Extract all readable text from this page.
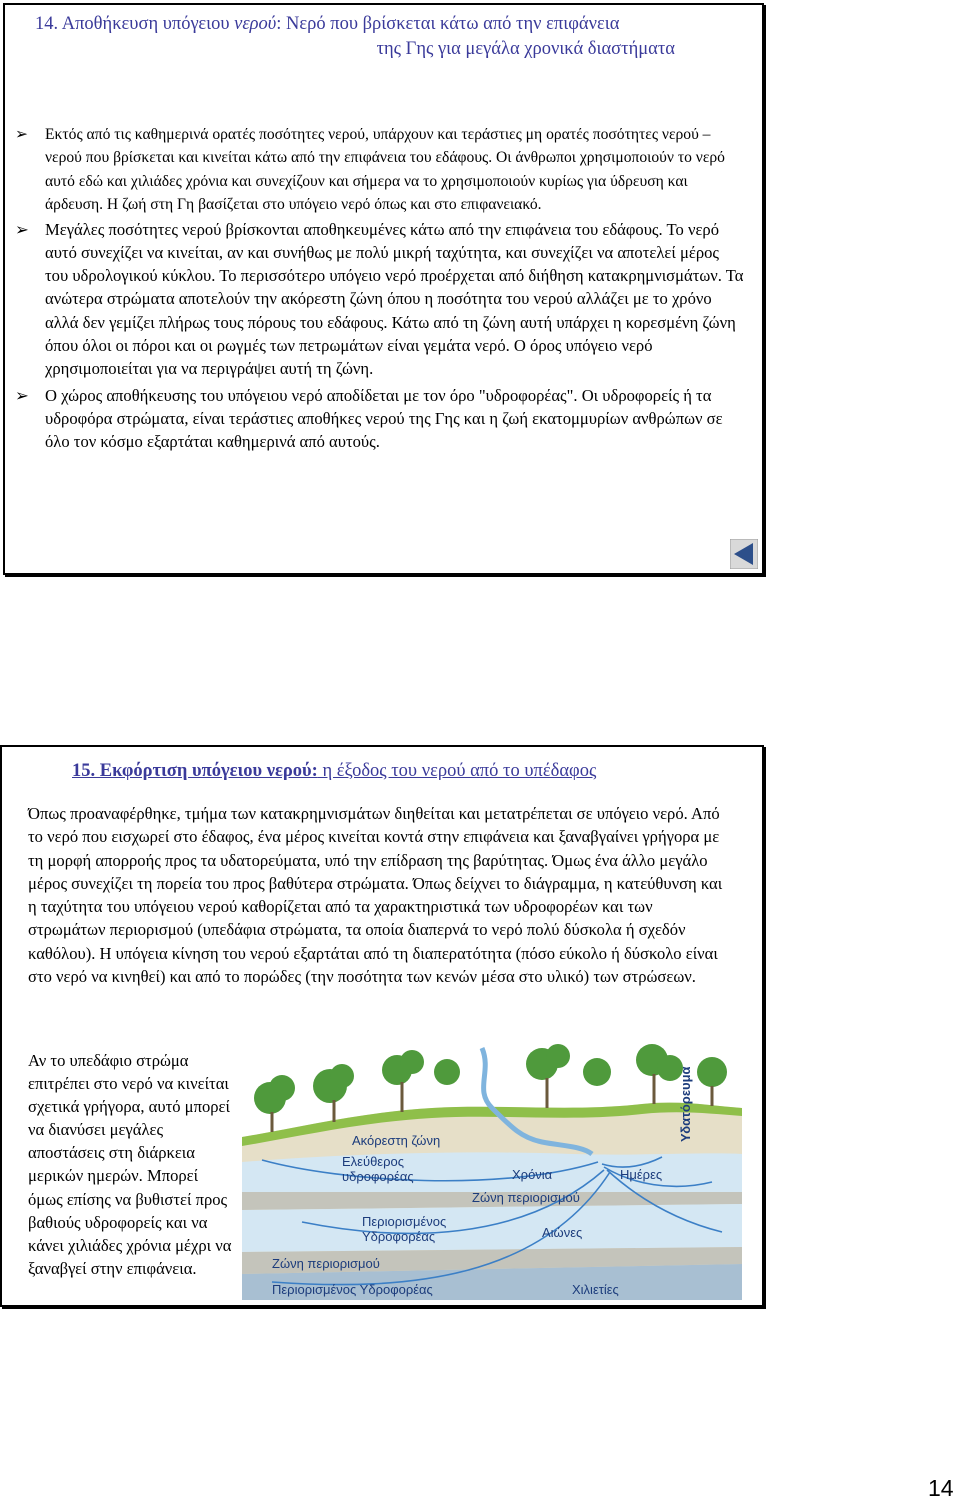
14. Αποθήκευση υπόγειου νερού: Νερό που βρίσκεται κάτω από την επιφάνεια
της Γης για μεγάλα χρονικά διαστήματα
➢ Εκτός από τις καθημερινά ορατές ποσότητες νερού, υπάρχουν και τεράστιες μη ορατές ποσότητες νερού – νερού που βρίσκεται και κινείται κάτω από την επιφάνεια του εδάφους. Οι άνθρωποι χρησιμοποιούν το νερό αυτό εδώ και χιλιάδες χρόνια και συνεχίζουν και σήμερα να το χρησιμοποιούν κυρίως για ύδρευση και άρδευση. Η ζωή στη Γη βασίζεται στο υπόγειο νερό όπως και στο επιφανειακό.
➢ Μεγάλες ποσότητες νερού βρίσκονται αποθηκευμένες κάτω από την επιφάνεια του εδάφους. Το νερό αυτό συνεχίζει να κινείται, αν και συνήθως με πολύ μικρή ταχύτητα, και συνεχίζει να αποτελεί μέρος του υδρολογικού κύκλου. Το περισσότερο υπόγειο νερό προέρχεται από διήθηση κατακρημνισμάτων. Τα ανώτερα στρώματα αποτελούν την ακόρεστη ζώνη όπου η ποσότητα του νερού αλλάζει με το χρόνο αλλά δεν γεμίζει πλήρως τους πόρους του εδάφους. Κάτω από τη ζώνη αυτή υπάρχει η κορεσμένη ζώνη όπου όλοι οι πόροι και οι ρωγμές των πετρωμάτων είναι γεμάτα νερό. Ο όρος υπόγειο νερό χρησιμοποιείται για να περιγράψει αυτή τη ζώνη.
➢ Ο χώρος αποθήκευσης του υπόγειου νερό αποδίδεται με τον όρο "υδροφορέας". Οι υδροφορείς ή τα υδροφόρα στρώματα, είναι τεράστιες αποθήκες νερού της Γης και η ζωή εκατομμυρίων ανθρώπων σε όλο τον κόσμο εξαρτάται καθημερινά από αυτούς.
15. Εκφόρτιση υπόγειου νερού: η έξοδος του νερού από το υπέδαφος
Όπως προαναφέρθηκε, τμήμα των κατακρημνισμάτων διηθείται και μετατρέπεται σε υπόγειο νερό. Από το νερό που εισχωρεί στο έδαφος, ένα μέρος κινείται κοντά στην επιφάνεια και ξαναβγαίνει γρήγορα με τη μορφή απορροής προς τα υδατορεύματα, υπό την επίδραση της βαρύτητας. Όμως ένα άλλο μεγάλο μέρος συνεχίζει τη πορεία του προς βαθύτερα στρώματα. Όπως δείχνει το διάγραμμα, η κατεύθυνση και η ταχύτητα του υπόγειου νερού καθορίζεται από τα χαρακτηριστικά των υδροφορέων και των στρωμάτων περιορισμού (υπεδάφια στρώματα, τα οποία διαπερνά το νερό πολύ δύσκολα ή σχεδόν καθόλου). Η υπόγεια κίνηση του νερού εξαρτάται από τη διαπερατότητα (πόσο εύκολο ή δύσκολο είναι στο νερό να κινηθεί) και από το πορώδες (την ποσότητα των κενών μέσα στο υλικό) των στρώσεων.
Αν το υπεδάφιο στρώμα επιτρέπει στο νερό να κινείται σχετικά γρήγορα, αυτό μπορεί να διανύσει μεγάλες αποστάσεις στη διάρκεια μερικών ημερών. Μπορεί όμως επίσης να βυθιστεί προς βαθιούς υδροφορείς και να κάνει χιλιάδες χρόνια μέχρι να ξαναβγεί στην επιφάνεια.
Ακόρεστη ζώνη
Ελεύθερος
υδροφορέας	Χρόνια	Ημέρες
Ζώνη περιορισμού
Περιορισμένος
Υδροφορέας	Αιώνες
Ζώνη περιορισμού
Περιορισμένος Υδροφορέας	Χιλιετίες
Υδατόρευμα
14
